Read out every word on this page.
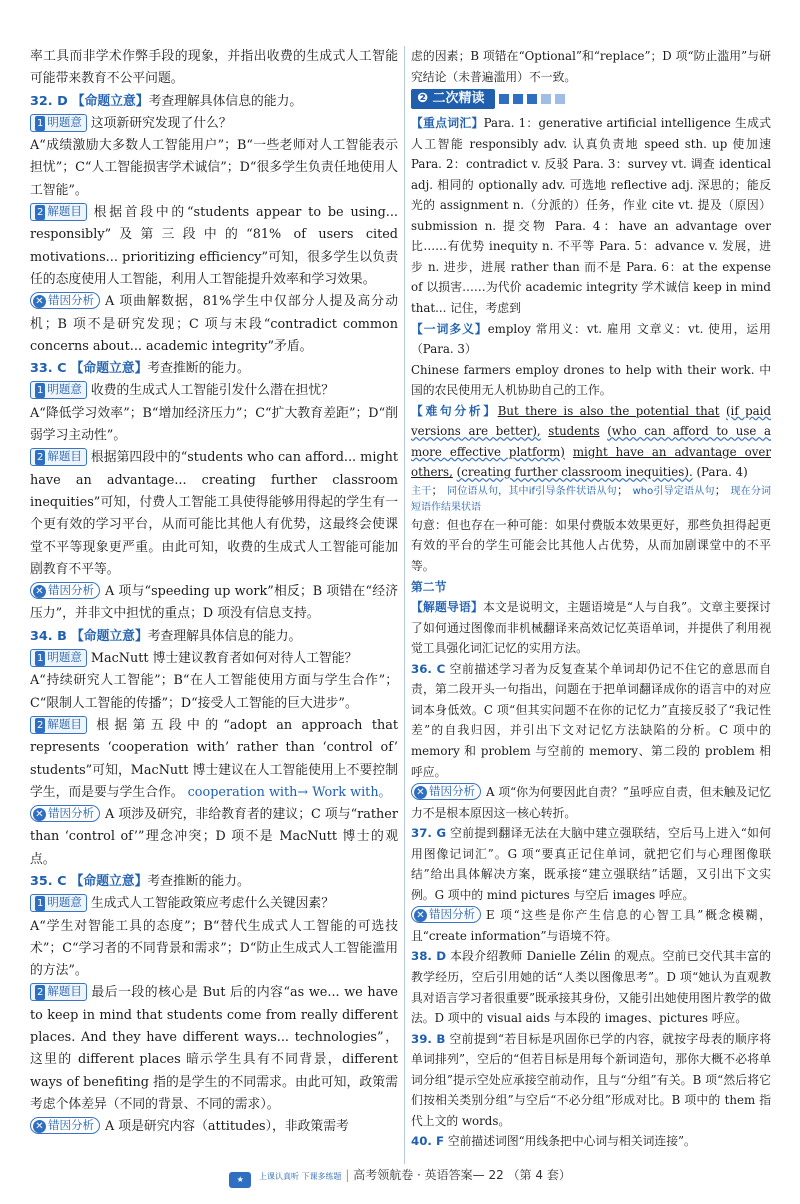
率工具而非学术作弊手段的现象，并指出收费的生成式人工智能可能带来教育不公平问题。

32. D 【命题立意】考查理解具体信息的能力。

1 明题意 这项新研究发现了什么？

A“成绩激励大多数人工智能用户”；B“一些老师对人工智能表示担忧”；C“人工智能损害学术诚信”；D“很多学生负责任地使用人工智能”。

2 解题目 根据首段中的“students appear to be using... responsibly”及第三段中的“81% of users cited motivations... prioritizing efficiency”可知，很多学生以负责任的态度使用人工智能，利用人工智能提升效率和学习效果。

✕ 错因分析 A 项曲解数据，81%学生中仅部分人提及高分动机；B 项不是研究发现；C 项与末段“contradict common concerns about... academic integrity”矛盾。

33. C 【命题立意】考查推断的能力。

1 明题意 收费的生成式人工智能引发什么潜在担忧？

A“降低学习效率”；B“增加经济压力”；C“扩大教育差距”；D“削弱学习主动性”。

2 解题目 根据第四段中的“students who can afford... might have an advantage... creating further classroom inequities”可知，付费人工智能工具使得能够用得起的学生有一个更有效的学习平台，从而可能比其他人有优势，这最终会使课堂不平等现象更严重。由此可知，收费的生成式人工智能可能加剧教育不平等。

✕ 错因分析 A 项与“speeding up work”相反；B 项错在“经济压力”，并非文中担忧的重点；D 项没有信息支持。

34. B 【命题立意】考查理解具体信息的能力。

1 明题意 MacNutt 博士建议教育者如何对待人工智能？

A“持续研究人工智能”；B“在人工智能使用方面与学生合作”；C“限制人工智能的传播”；D“接受人工智能的巨大进步”。

2 解题目 根据第五段中的“adopt an approach that represents ‘cooperation with’ rather than ‘control of’ students”可知，MacNutt 博士建议在人工智能使用上不要控制学生，而是要与学生合作。 cooperation with→ Work with。

✕ 错因分析 A 项涉及研究，非给教育者的建议；C 项与“rather than ‘control of’”理念冲突；D 项不是 MacNutt 博士的观点。

35. C 【命题立意】考查推断的能力。

1 明题意 生成式人工智能政策应考虑什么关键因素？

A“学生对智能工具的态度”；B“替代生成式人工智能的可选技术”；C“学习者的不同背景和需求”；D“防止生成式人工智能滥用的方法”。

2 解题目 最后一段的核心是 But 后的内容“as we... we have to keep in mind that students come from really different places. And they have different ways... technologies”，这里的 different places 暗示学生具有不同背景，different ways of benefiting 指的是学生的不同需求。由此可知，政策需考虑个体差异（不同的背景、不同的需求）。

✕ 错因分析 A 项是研究内容（attitudes），非政策需考

虑的因素；B 项错在“Optional”和“replace”；D 项“防止滥用”与研究结论（未普遍滥用）不一致。

❷ 二次精读

【重点词汇】Para. 1：generative artificial intelligence 生成式人工智能 responsibly adv. 认真负责地 speed sth. up 使加速 Para. 2：contradict v. 反驳 Para. 3：survey vt. 调查 identical adj. 相同的 optionally adv. 可选地 reflective adj. 深思的；能反光的 assignment n.（分派的）任务，作业 cite vt. 提及（原因） submission n. 提交物 Para. 4：have an advantage over 比……有优势 inequity n. 不平等 Para. 5：advance v. 发展，进步 n. 进步，进展 rather than 而不是 Para. 6：at the expense of 以损害……为代价 academic integrity 学术诚信 keep in mind that... 记住，考虑到

【一词多义】employ 常用义：vt. 雇用 文章义：vt. 使用，运用（Para. 3）

Chinese farmers employ drones to help with their work. 中国的农民使用无人机协助自己的工作。

【难句分析】But there is also the potential that (if paid versions are better), students (who can afford to use a more effective platform) might have an advantage over others, (creating further classroom inequities). (Para. 4)

主干； 同位语从句，其中if引导条件状语从句； who引导定语从句； 现在分词短语作结果状语

句意：但也存在一种可能：如果付费版本效果更好，那些负担得起更有效的平台的学生可能会比其他人占优势，从而加剧课堂中的不平等。

第二节

【解题导语】本文是说明文，主题语境是“人与自我”。文章主要探讨了如何通过图像而非机械翻译来高效记忆英语单词，并提供了利用视觉工具强化词汇记忆的实用方法。

36. C 空前描述学习者为反复查某个单词却仍记不住它的意思而自责，第二段开头一句指出，问题在于把单词翻译成你的语言中的对应词本身低效。C 项“但其实问题不在你的记忆力”直接反驳了“我记性差”的自我归因，并引出下文对记忆方法缺陷的分析。C 项中的 memory 和 problem 与空前的 memory、第二段的 problem 相呼应。

✕ 错因分析 A 项“你为何要因此自责？”虽呼应自责，但未触及记忆力不是根本原因这一核心转折。

37. G 空前提到翻译无法在大脑中建立强联结，空后马上进入“如何用图像记词汇”。G 项“要真正记住单词，就把它们与心理图像联结”给出具体解决方案，既承接“建立强联结”话题，又引出下文实例。G 项中的 mind pictures 与空后 images 呼应。

✕ 错因分析 E 项“这些是你产生信息的心智工具”概念模糊，且“create information”与语境不符。

38. D 本段介绍教师 Danielle Zélin 的观点。空前已交代其丰富的教学经历，空后引用她的话“人类以图像思考”。D 项“她认为直观教具对语言学习者很重要”既承接其身份，又能引出她使用图片教学的做法。D 项中的 visual aids 与本段的 images、pictures 呼应。

39. B 空前提到“若目标是巩固你已学的内容，就按字母表的顺序将单词排列”，空后的“但若目标是用每个新词造句，那你大概不必将单词分组”提示空处应承接空前动作，且与“分组”有关。B 项“然后将它们按相关类别分组”与空后“不必分组”形成对比。B 项中的 them 指代上文的 words。

40. F 空前描述词图“用线条把中心词与相关词连接”。

★ 上课认真听 下课多练题 | 高考领航卷 · 英语答案— 22 （第 4 套）
